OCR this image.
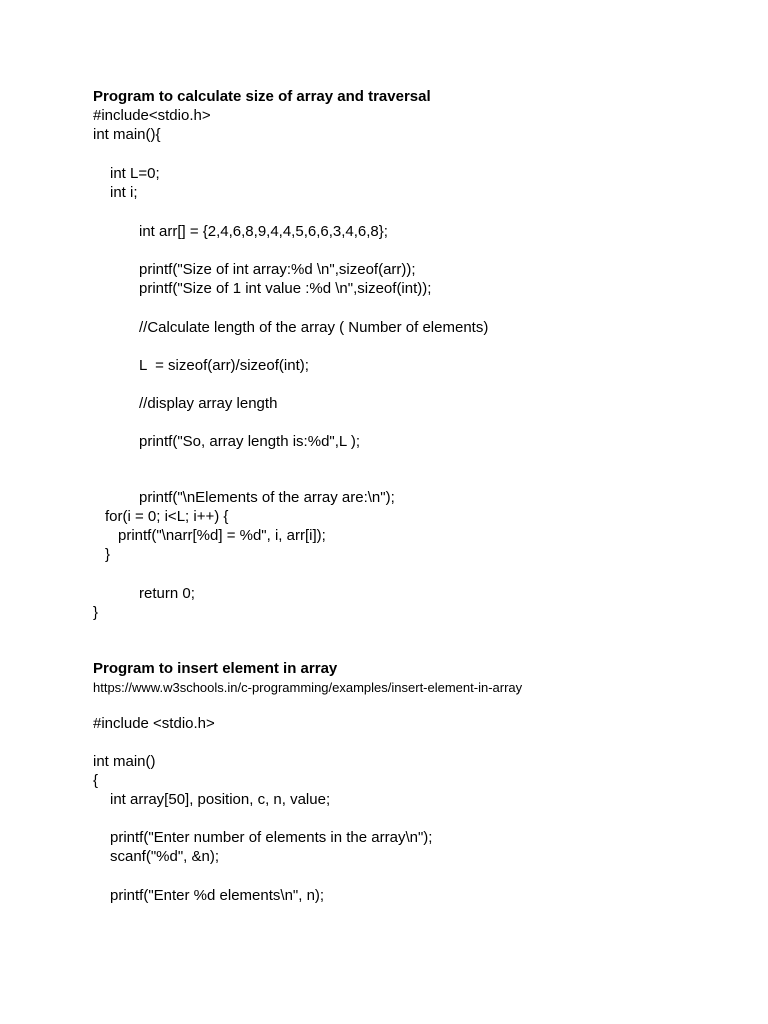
Program to calculate size of array and traversal

#include<stdio.h>

int main(){

int L=0;

int i;

int arr[] = {2,4,6,8,9,4,4,5,6,6,3,4,6,8};

printf("Size of int array:%d \n",sizeof(arr));

printf("Size of 1 int value :%d \n",sizeof(int));

//Calculate length of the array ( Number of elements)

L  = sizeof(arr)/sizeof(int);

//display array length

printf("So, array length is:%d",L );

printf("\nElements of the array are:\n");

for(i = 0; i<L; i++) {

printf("\narr[%d] = %d", i, arr[i]);

}

return 0;

}

Program to insert element in array

https://www.w3schools.in/c-programming/examples/insert-element-in-array

#include <stdio.h>

int main()

{

int array[50], position, c, n, value;

printf("Enter number of elements in the array\n");

scanf("%d", &n);

printf("Enter %d elements\n", n);
